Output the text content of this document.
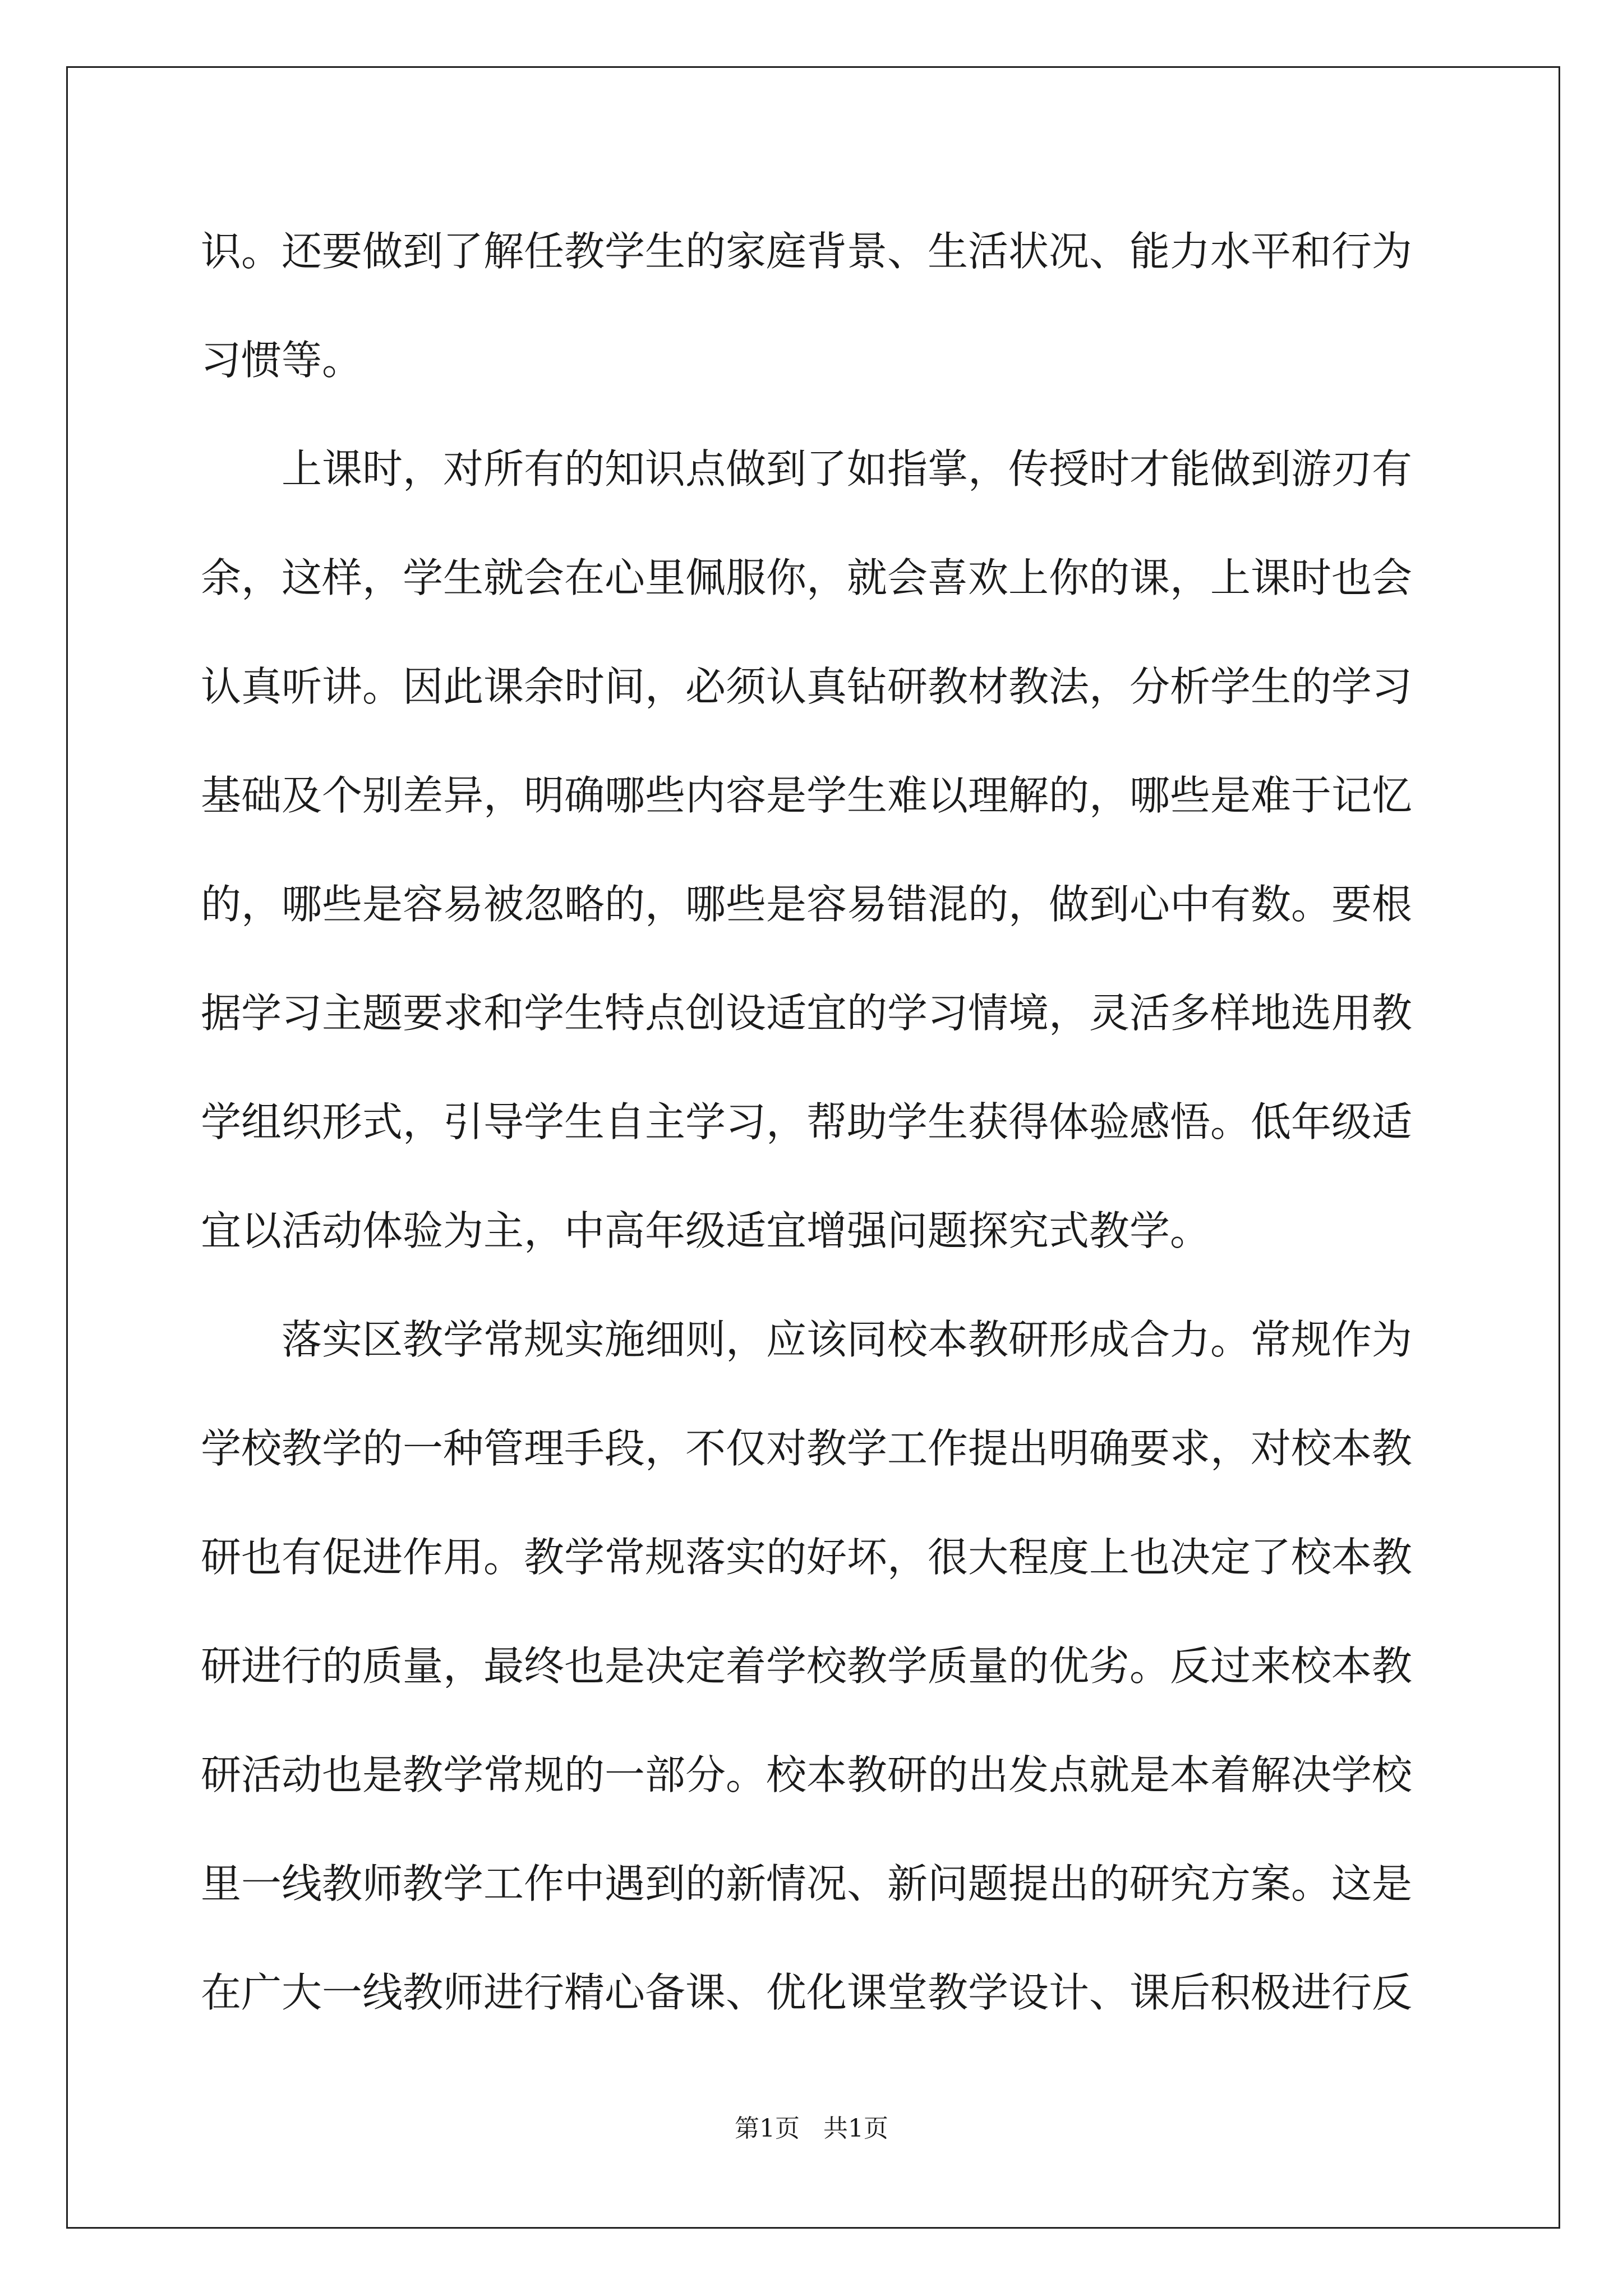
识。还要做到了解任教学生的家庭背景、生活状况、能力水平和行为
习惯等。
　　上课时，对所有的知识点做到了如指掌，传授时才能做到游刃有
余，这样，学生就会在心里佩服你，就会喜欢上你的课，上课时也会
认真听讲。因此课余时间，必须认真钻研教材教法，分析学生的学习
基础及个别差异，明确哪些内容是学生难以理解的，哪些是难于记忆
的，哪些是容易被忽略的，哪些是容易错混的，做到心中有数。要根
据学习主题要求和学生特点创设适宜的学习情境，灵活多样地选用教
学组织形式，引导学生自主学习，帮助学生获得体验感悟。低年级适
宜以活动体验为主，中高年级适宜增强问题探究式教学。
　　落实区教学常规实施细则，应该同校本教研形成合力。常规作为
学校教学的一种管理手段，不仅对教学工作提出明确要求，对校本教
研也有促进作用。教学常规落实的好坏，很大程度上也决定了校本教
研进行的质量，最终也是决定着学校教学质量的优劣。反过来校本教
研活动也是教学常规的一部分。校本教研的出发点就是本着解决学校
里一线教师教学工作中遇到的新情况、新问题提出的研究方案。这是
在广大一线教师进行精心备课、优化课堂教学设计、课后积极进行反
第1页 共1页
